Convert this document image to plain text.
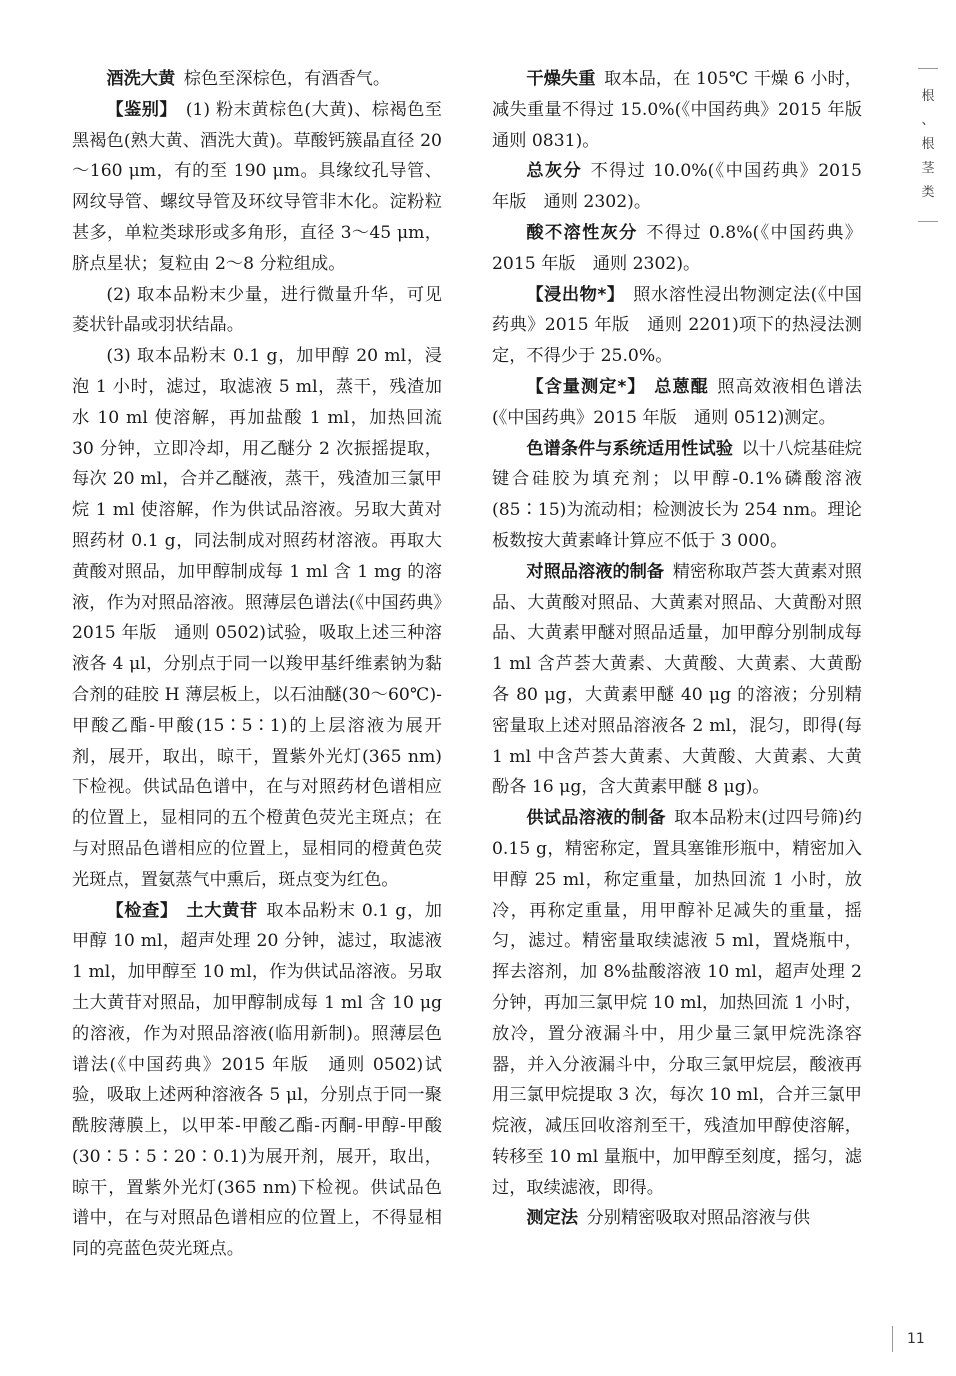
酒洗大黄 棕色至深棕色，有酒香气。

【鉴别】 (1) 粉末黄棕色(大黄)、棕褐色至黑褐色(熟大黄、酒洗大黄)。草酸钙簇晶直径 20～160 μm，有的至 190 μm。具缘纹孔导管、网纹导管、螺纹导管及环纹导管非木化。淀粉粒甚多，单粒类球形或多角形，直径 3～45 μm，脐点星状；复粒由 2～8 分粒组成。

(2) 取本品粉末少量，进行微量升华，可见菱状针晶或羽状结晶。

(3) 取本品粉末 0.1 g，加甲醇 20 ml，浸泡 1 小时，滤过，取滤液 5 ml，蒸干，残渣加水 10 ml 使溶解，再加盐酸 1 ml，加热回流 30 分钟，立即冷却，用乙醚分 2 次振摇提取，每次 20 ml，合并乙醚液，蒸干，残渣加三氯甲烷 1 ml 使溶解，作为供试品溶液。另取大黄对照药材 0.1 g，同法制成对照药材溶液。再取大黄酸对照品，加甲醇制成每 1 ml 含 1 mg 的溶液，作为对照品溶液。照薄层色谱法(《中国药典》2015 年版　通则 0502)试验，吸取上述三种溶液各 4 μl，分别点于同一以羧甲基纤维素钠为黏合剂的硅胶 H 薄层板上，以石油醚(30～60℃)-甲酸乙酯-甲酸(15∶5∶1)的上层溶液为展开剂，展开，取出，晾干，置紫外光灯(365 nm)下检视。供试品色谱中，在与对照药材色谱相应的位置上，显相同的五个橙黄色荧光主斑点；在与对照品色谱相应的位置上，显相同的橙黄色荧光斑点，置氨蒸气中熏后，斑点变为红色。

【检查】 土大黄苷 取本品粉末 0.1 g，加甲醇 10 ml，超声处理 20 分钟，滤过，取滤液 1 ml，加甲醇至 10 ml，作为供试品溶液。另取土大黄苷对照品，加甲醇制成每 1 ml 含 10 μg 的溶液，作为对照品溶液(临用新制)。照薄层色谱法(《中国药典》2015 年版　通则 0502)试验，吸取上述两种溶液各 5 μl，分别点于同一聚酰胺薄膜上，以甲苯-甲酸乙酯-丙酮-甲醇-甲酸(30∶5∶5∶20∶0.1)为展开剂，展开，取出，晾干，置紫外光灯(365 nm)下检视。供试品色谱中，在与对照品色谱相应的位置上，不得显相同的亮蓝色荧光斑点。

干燥失重 取本品，在 105℃ 干燥 6 小时，减失重量不得过 15.0%(《中国药典》2015 年版　通则 0831)。

总灰分 不得过 10.0%(《中国药典》2015 年版　通则 2302)。

酸不溶性灰分 不得过 0.8%(《中国药典》2015 年版　通则 2302)。

【浸出物*】 照水溶性浸出物测定法(《中国药典》2015 年版　通则 2201)项下的热浸法测定，不得少于 25.0%。

【含量测定*】 总蒽醌 照高效液相色谱法(《中国药典》2015 年版　通则 0512)测定。

色谱条件与系统适用性试验 以十八烷基硅烷键合硅胶为填充剂；以甲醇-0.1%磷酸溶液(85∶15)为流动相；检测波长为 254 nm。理论板数按大黄素峰计算应不低于 3 000。

对照品溶液的制备 精密称取芦荟大黄素对照品、大黄酸对照品、大黄素对照品、大黄酚对照品、大黄素甲醚对照品适量，加甲醇分别制成每 1 ml 含芦荟大黄素、大黄酸、大黄素、大黄酚各 80 μg，大黄素甲醚 40 μg 的溶液；分别精密量取上述对照品溶液各 2 ml，混匀，即得(每 1 ml 中含芦荟大黄素、大黄酸、大黄素、大黄酚各 16 μg，含大黄素甲醚 8 μg)。

供试品溶液的制备 取本品粉末(过四号筛)约 0.15 g，精密称定，置具塞锥形瓶中，精密加入甲醇 25 ml，称定重量，加热回流 1 小时，放冷，再称定重量，用甲醇补足减失的重量，摇匀，滤过。精密量取续滤液 5 ml，置烧瓶中，挥去溶剂，加 8%盐酸溶液 10 ml，超声处理 2 分钟，再加三氯甲烷 10 ml，加热回流 1 小时，放冷，置分液漏斗中，用少量三氯甲烷洗涤容器，并入分液漏斗中，分取三氯甲烷层，酸液再用三氯甲烷提取 3 次，每次 10 ml，合并三氯甲烷液，减压回收溶剂至干，残渣加甲醇使溶解，转移至 10 ml 量瓶中，加甲醇至刻度，摇匀，滤过，取续滤液，即得。

测定法 分别精密吸取对照品溶液与供

根
、
根
茎
类
11
